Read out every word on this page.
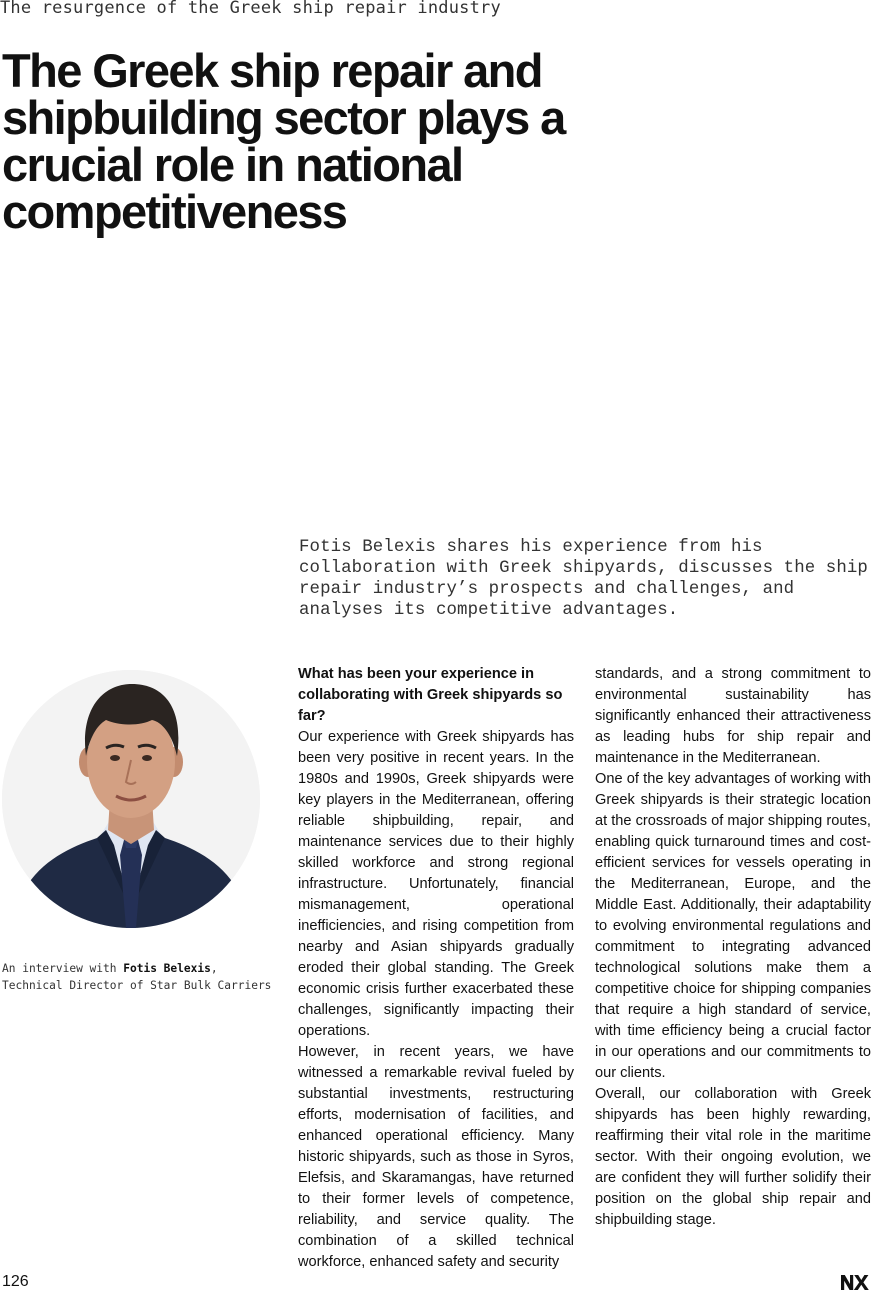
The resurgence of the Greek ship repair industry
The Greek ship repair and shipbuilding sector plays a crucial role in national competitiveness

Fotis Belexis shares his experience from his collaboration with Greek shipyards, discusses the ship repair industry’s prospects and challenges, and analyses its competitive advantages.

An interview with Fotis Belexis,
Technical Director of Star Bulk Carriers

What has been your experience in collaborating with Greek shipyards so far?

Our experience with Greek shipyards has been very positive in recent years. In the 1980s and 1990s, Greek shipyards were key players in the Mediterranean, offering reliable shipbuilding, repair, and maintenance services due to their highly skilled workforce and strong regional infrastructure. Unfortunately, financial mismanagement, operational inefficiencies, and rising competition from nearby and Asian shipyards gradually eroded their global standing. The Greek economic crisis further exacerbated these challenges, significantly impacting their operations.

However, in recent years, we have witnessed a remarkable revival fueled by substantial investments, restructuring efforts, modernisation of facilities, and enhanced operational efficiency. Many historic shipyards, such as those in Syros, Elefsis, and Skaramangas, have returned to their former levels of competence, reliability, and service quality. The combination of a skilled technical workforce, enhanced safety and security

standards, and a strong commitment to environmental sustainability has significantly enhanced their attractiveness as leading hubs for ship repair and maintenance in the Mediterranean.

One of the key advantages of working with Greek shipyards is their strategic location at the crossroads of major shipping routes, enabling quick turnaround times and cost-efficient services for vessels operating in the Mediterranean, Europe, and the Middle East. Additionally, their adaptability to evolving environmental regulations and commitment to integrating advanced technological solutions make them a competitive choice for shipping companies that require a high standard of service, with time efficiency being a crucial factor in our operations and our commitments to our clients.

Overall, our collaboration with Greek shipyards has been highly rewarding, reaffirming their vital role in the maritime sector. With their ongoing evolution, we are confident they will further solidify their position on the global ship repair and shipbuilding stage.

126
